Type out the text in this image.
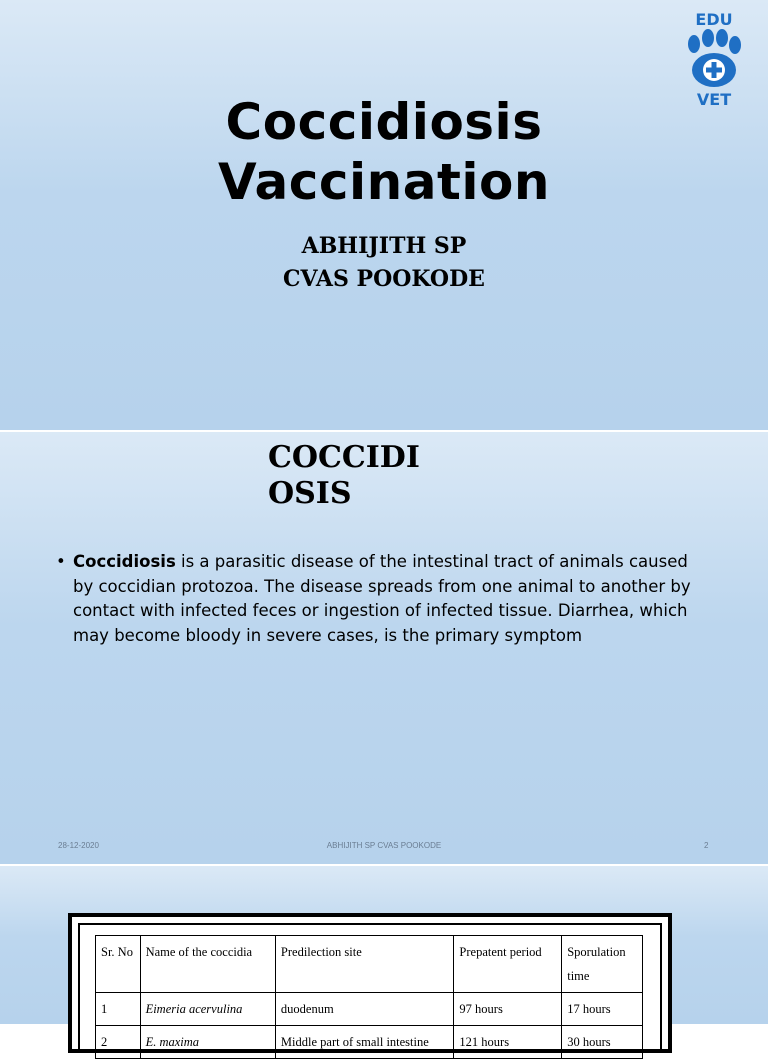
Coccidiosis
Vaccination
ABHIJITH SP
CVAS POOKODE
EDU
VET
COCCIDI
OSIS
• Coccidiosis is a parasitic disease of the intestinal tract of animals caused by coccidian protozoa. The disease spreads from one animal to another by contact with infected feces or ingestion of infected tissue. Diarrhea, which may become bloody in severe cases, is the primary symptom
28-12-2020	ABHIJITH SP CVAS POOKODE	2
Sr. No	Name of the coccidia	Predilection site	Prepatent period	Sporulation time
1	Eimeria acervulina	duodenum	97 hours	17 hours
2	E. maxima	Middle part of small intestine	121 hours	30 hours
